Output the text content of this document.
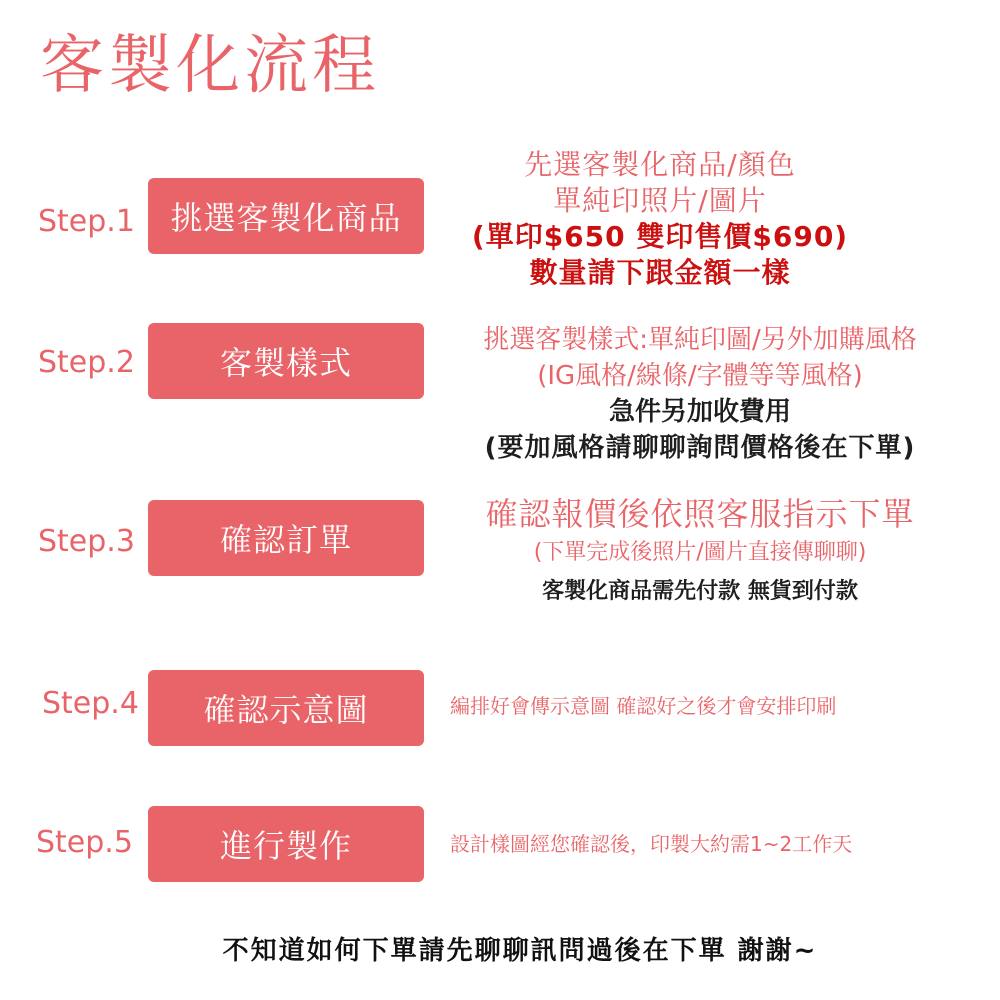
客製化流程
Step.1	挑選客製化商品
先選客製化商品/顏色
單純印照片/圖片
(單印$650 雙印售價$690)
數量請下跟金額一樣
Step.2	客製樣式
挑選客製樣式:單純印圖/另外加購風格
(IG風格/線條/字體等等風格)
急件另加收費用
(要加風格請聊聊詢問價格後在下單)
Step.3	確認訂單
確認報價後依照客服指示下單
(下單完成後照片/圖片直接傳聊聊)
客製化商品需先付款 無貨到付款
Step.4	確認示意圖	編排好會傳示意圖 確認好之後才會安排印刷
Step.5	進行製作	設計樣圖經您確認後，印製大約需1~2工作天
不知道如何下單請先聊聊訊問過後在下單 謝謝~
